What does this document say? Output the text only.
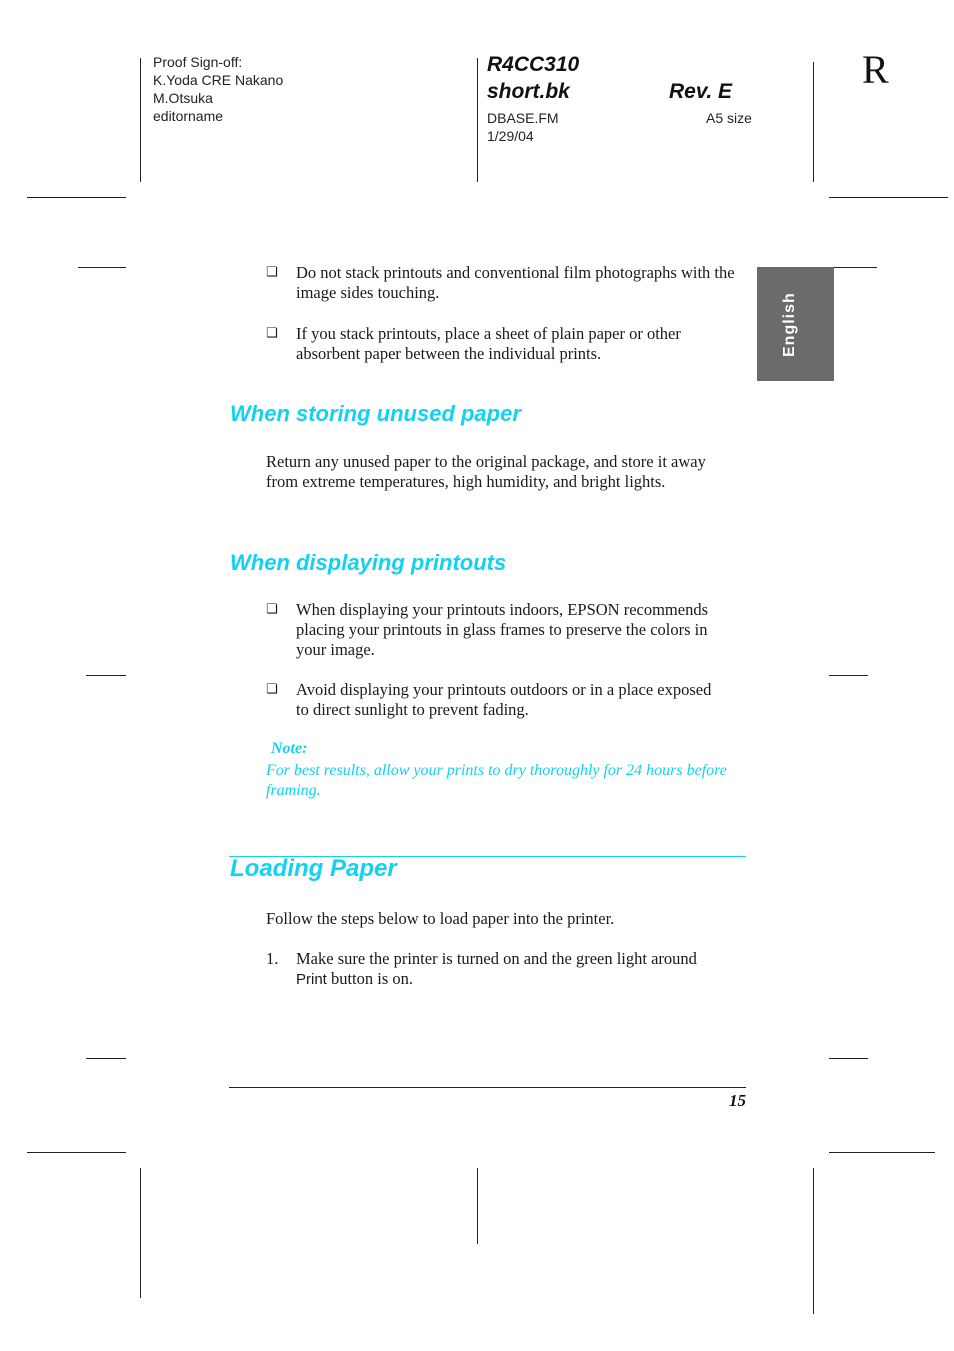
Proof Sign-off:
K.Yoda CRE Nakano
M.Otsuka
editorname
R4CC310
short.bk	Rev. E
DBASE.FM
1/29/04
A5 size
R
English
❏ Do not stack printouts and conventional film photographs with the image sides touching.
❏ If you stack printouts, place a sheet of plain paper or other absorbent paper between the individual prints.
When storing unused paper
Return any unused paper to the original package, and store it away from extreme temperatures, high humidity, and bright lights.
When displaying printouts
❏ When displaying your printouts indoors, EPSON recommends placing your printouts in glass frames to preserve the colors in your image.
❏ Avoid displaying your printouts outdoors or in a place exposed to direct sunlight to prevent fading.
Note:
For best results, allow your prints to dry thoroughly for 24 hours before framing.
Loading Paper
Follow the steps below to load paper into the printer.
1. Make sure the printer is turned on and the green light around
Print button is on.
15
